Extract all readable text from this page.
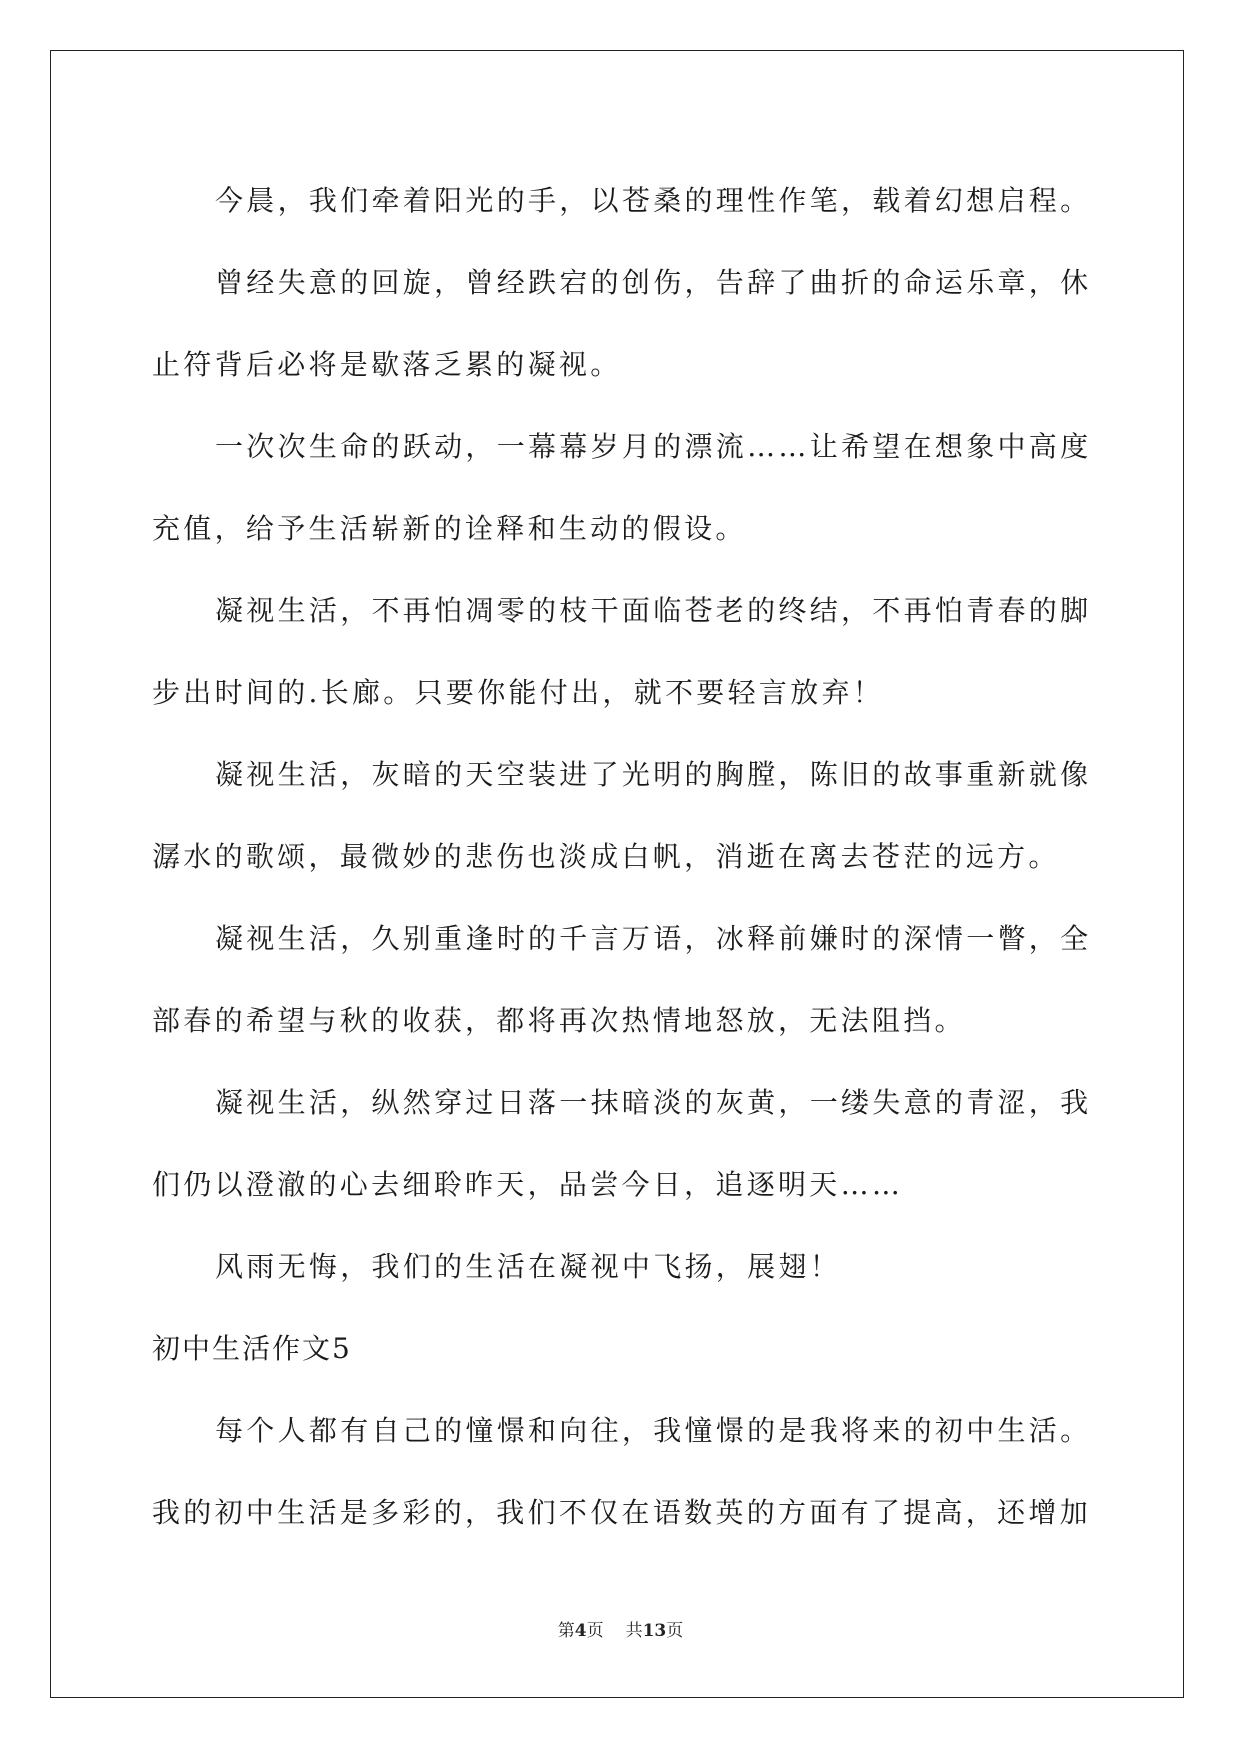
今晨，我们牵着阳光的手，以苍桑的理性作笔，载着幻想启程。
曾经失意的回旋，曾经跌宕的创伤，告辞了曲折的命运乐章，休
止符背后必将是歇落乏累的凝视。
一次次生命的跃动，一幕幕岁月的漂流……让希望在想象中高度
充值，给予生活崭新的诠释和生动的假设。
凝视生活，不再怕凋零的枝干面临苍老的终结，不再怕青春的脚
步出时间的.长廊。只要你能付出，就不要轻言放弃！
凝视生活，灰暗的天空装进了光明的胸膛，陈旧的故事重新就像
潺水的歌颂，最微妙的悲伤也淡成白帆，消逝在离去苍茫的远方。
凝视生活，久别重逢时的千言万语，冰释前嫌时的深情一瞥，全
部春的希望与秋的收获，都将再次热情地怒放，无法阻挡。
凝视生活，纵然穿过日落一抹暗淡的灰黄，一缕失意的青涩，我
们仍以澄澈的心去细聆昨天，品尝今日，追逐明天……
风雨无悔，我们的生活在凝视中飞扬，展翅！
初中生活作文5
每个人都有自己的憧憬和向往，我憧憬的是我将来的初中生活。
我的初中生活是多彩的，我们不仅在语数英的方面有了提高，还增加
第4页 共13页
